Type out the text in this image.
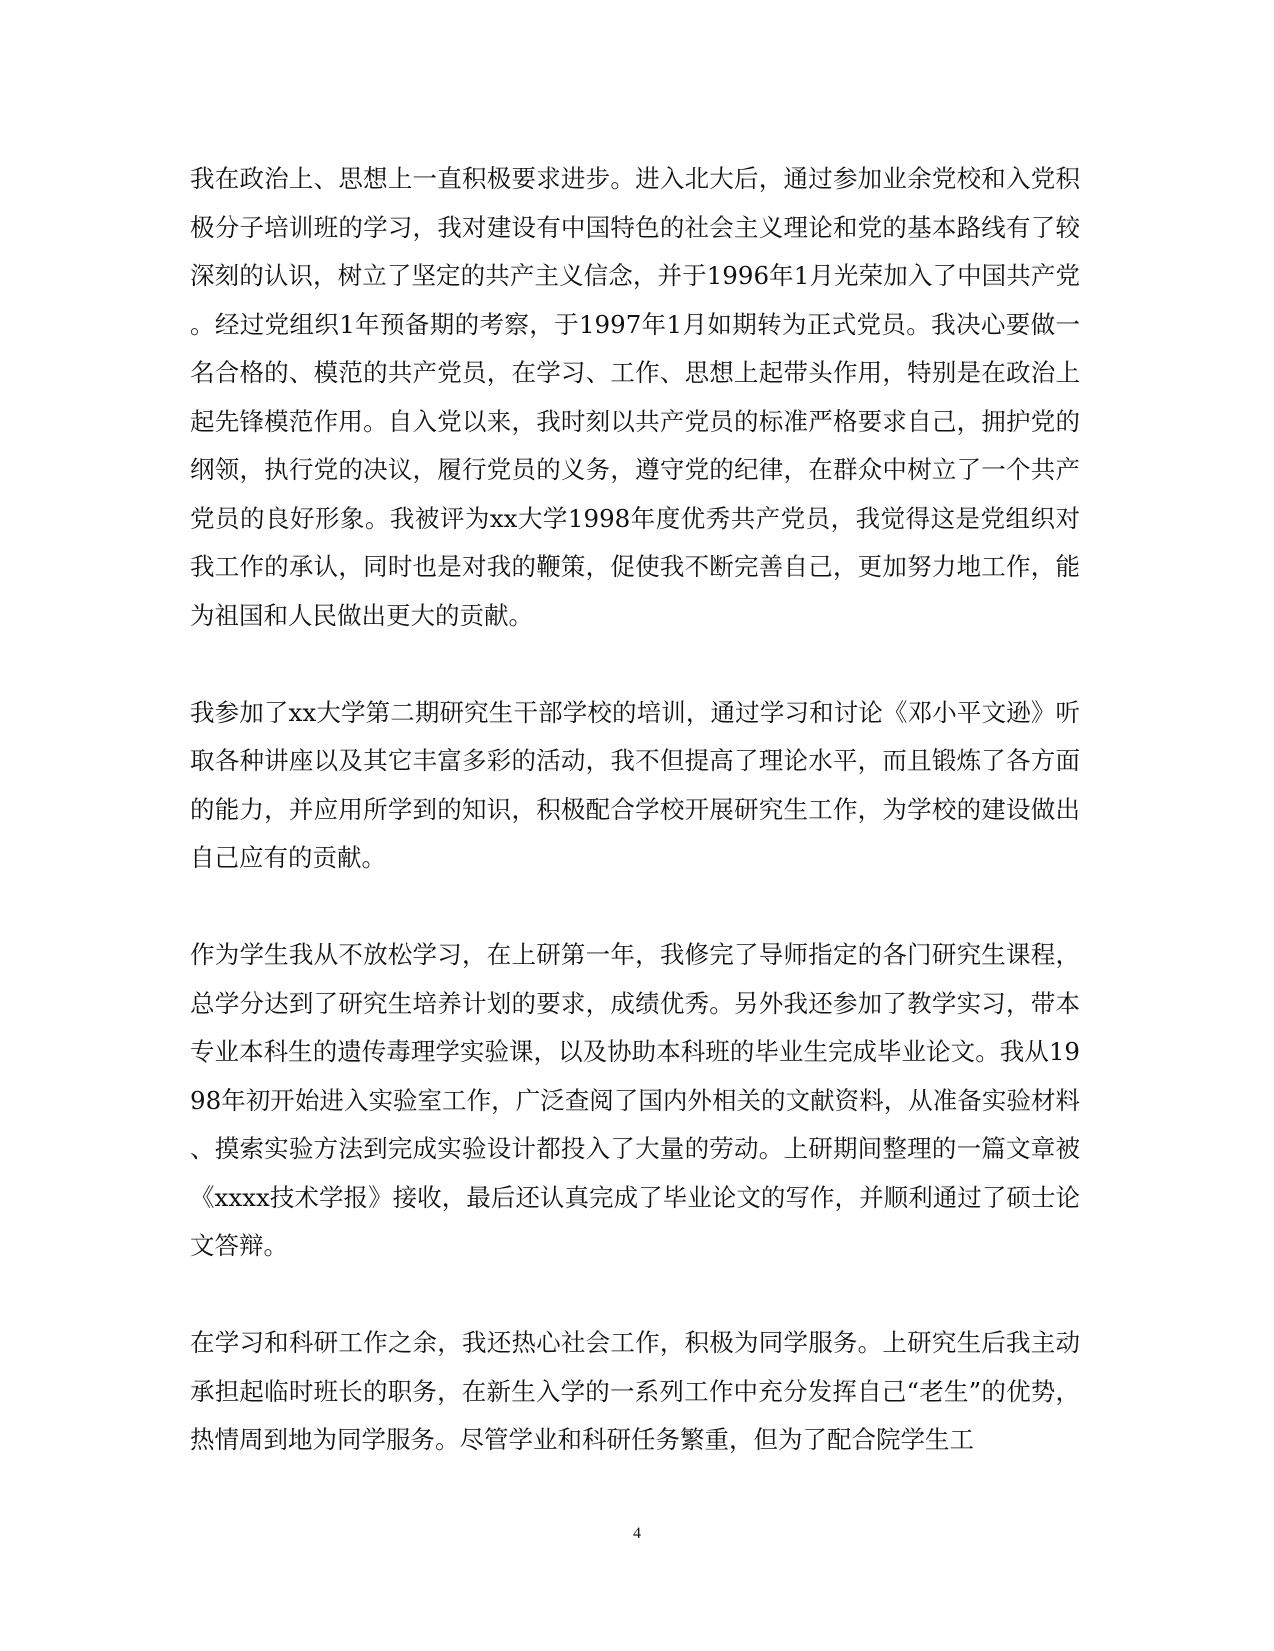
我在政治上、思想上一直积极要求进步。进入北大后，通过参加业余党校和入党积极分子培训班的学习，我对建设有中国特色的社会主义理论和党的基本路线有了较深刻的认识，树立了坚定的共产主义信念，并于1996年1月光荣加入了中国共产党。经过党组织1年预备期的考察，于1997年1月如期转为正式党员。我决心要做一名合格的、模范的共产党员，在学习、工作、思想上起带头作用，特别是在政治上起先锋模范作用。自入党以来，我时刻以共产党员的标准严格要求自己，拥护党的纲领，执行党的决议，履行党员的义务，遵守党的纪律，在群众中树立了一个共产党员的良好形象。我被评为xx大学1998年度优秀共产党员，我觉得这是党组织对我工作的承认，同时也是对我的鞭策，促使我不断完善自己，更加努力地工作，能为祖国和人民做出更大的贡献。

我参加了xx大学第二期研究生干部学校的培训，通过学习和讨论《邓小平文逊》听取各种讲座以及其它丰富多彩的活动，我不但提高了理论水平，而且锻炼了各方面的能力，并应用所学到的知识，积极配合学校开展研究生工作，为学校的建设做出自己应有的贡献。

作为学生我从不放松学习，在上研第一年，我修完了导师指定的各门研究生课程，总学分达到了研究生培养计划的要求，成绩优秀。另外我还参加了教学实习，带本专业本科生的遗传毒理学实验课，以及协助本科班的毕业生完成毕业论文。我从1998年初开始进入实验室工作，广泛查阅了国内外相关的文献资料，从准备实验材料、摸索实验方法到完成实验设计都投入了大量的劳动。上研期间整理的一篇文章被《xxxx技术学报》接收，最后还认真完成了毕业论文的写作，并顺利通过了硕士论文答辩。

在学习和科研工作之余，我还热心社会工作，积极为同学服务。上研究生后我主动承担起临时班长的职务，在新生入学的一系列工作中充分发挥自己“老生”的优势，热情周到地为同学服务。尽管学业和科研任务繁重，但为了配合院学生工

4
